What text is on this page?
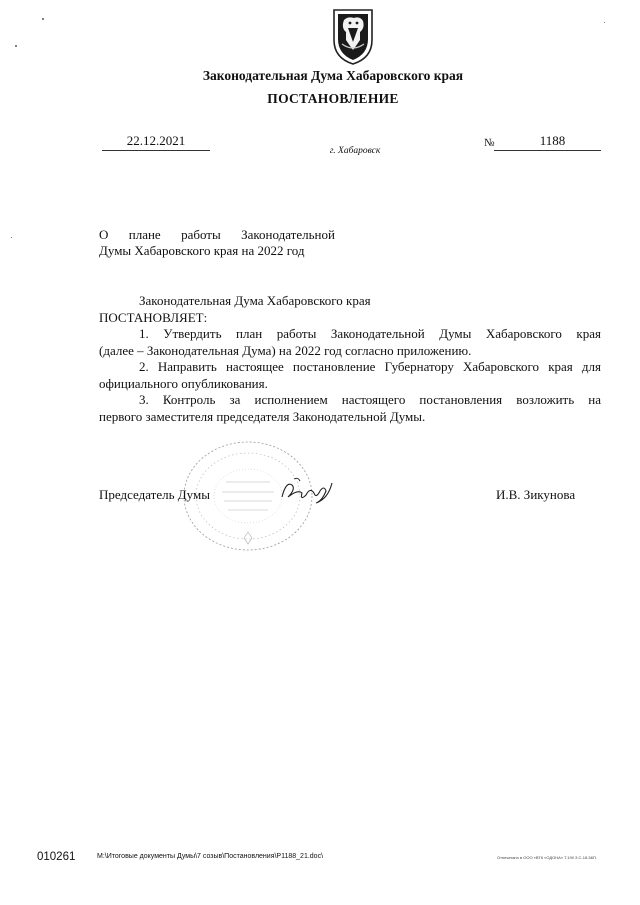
Законодательная Дума Хабаровского края
ПОСТАНОВЛЕНИЕ
22.12.2021
г. Хабаровск
№	1188
О плане работы Законодательной
Думы Хабаровского края на 2022 год
Законодательная Дума Хабаровского края
ПОСТАНОВЛЯЕТ:
1. Утвердить план работы Законодательной Думы Хабаровского края
(далее – Законодательная Дума) на 2022 год согласно приложению.
2. Направить настоящее постановление Губернатору Хабаровского края для
официального опубликования.
3. Контроль за исполнением настоящего постановления возложить на
первого заместителя председателя Законодательной Думы.
Председатель Думы	И.В. Зикунова
010261	M:\Итоговые документы Думы\7 созыв\Постановления\P1188_21.doc\	Отпечатано в ООО «ВТК «ОДОНА» Т.190 З.С-18-56П.
